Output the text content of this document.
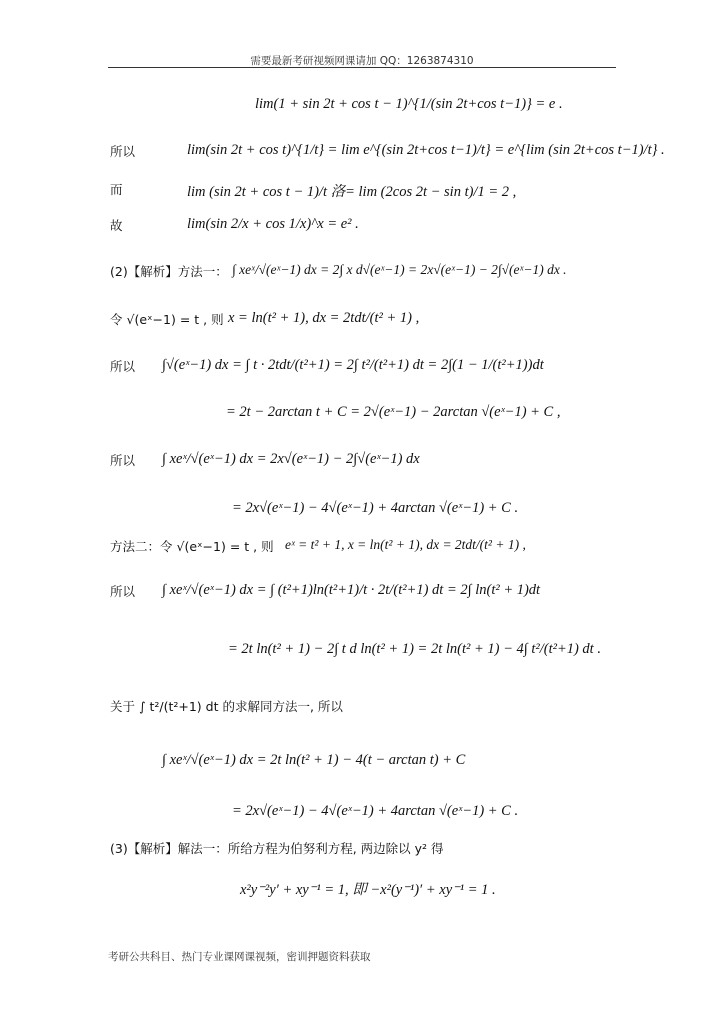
需要最新考研视频网课请加 QQ：1263874310
lim(1 + sin 2t + cos t − 1)^{1/(sin 2t+cos t−1)} = e .
所以	lim(sin 2t + cos t)^{1/t} = lim e^{(sin 2t+cos t−1)/t} = e^{lim (sin 2t+cos t−1)/t} .
而	lim (sin 2t + cos t − 1)/t 洛= lim (2cos 2t − sin t)/1 = 2 ,
故	lim(sin 2/x + cos 1/x)^x = e² .
(2)【解析】方法一： ∫ xeˣ/√(eˣ−1) dx = 2∫ x d√(eˣ−1) = 2x√(eˣ−1) − 2∫√(eˣ−1) dx .
令 √(eˣ−1) = t , 则 x = ln(t² + 1), dx = 2tdt/(t² + 1) ,
所以 ∫√(eˣ−1) dx = ∫ t · 2tdt/(t²+1) = 2∫ t²/(t²+1) dt = 2∫(1 − 1/(t²+1))dt
= 2t − 2arctan t + C = 2√(eˣ−1) − 2arctan √(eˣ−1) + C ,
所以 ∫ xeˣ/√(eˣ−1) dx = 2x√(eˣ−1) − 2∫√(eˣ−1) dx
= 2x√(eˣ−1) − 4√(eˣ−1) + 4arctan √(eˣ−1) + C .
方法二：令 √(eˣ−1) = t , 则 eˣ = t² + 1, x = ln(t² + 1), dx = 2tdt/(t² + 1) ,
所以 ∫ xeˣ/√(eˣ−1) dx = ∫ (t²+1)ln(t²+1)/t · 2t/(t²+1) dt = 2∫ ln(t² + 1)dt
= 2t ln(t² + 1) − 2∫ t d ln(t² + 1) = 2t ln(t² + 1) − 4∫ t²/(t²+1) dt .
关于 ∫ t²/(t²+1) dt 的求解同方法一, 所以
∫ xeˣ/√(eˣ−1) dx = 2t ln(t² + 1) − 4(t − arctan t) + C
= 2x√(eˣ−1) − 4√(eˣ−1) + 4arctan √(eˣ−1) + C .
(3)【解析】解法一：所给方程为伯努利方程, 两边除以 y² 得
x²y⁻²y′ + xy⁻¹ = 1, 即 −x²(y⁻¹)′ + xy⁻¹ = 1 .
考研公共科目、热门专业课网课视频，密训押题资料获取
